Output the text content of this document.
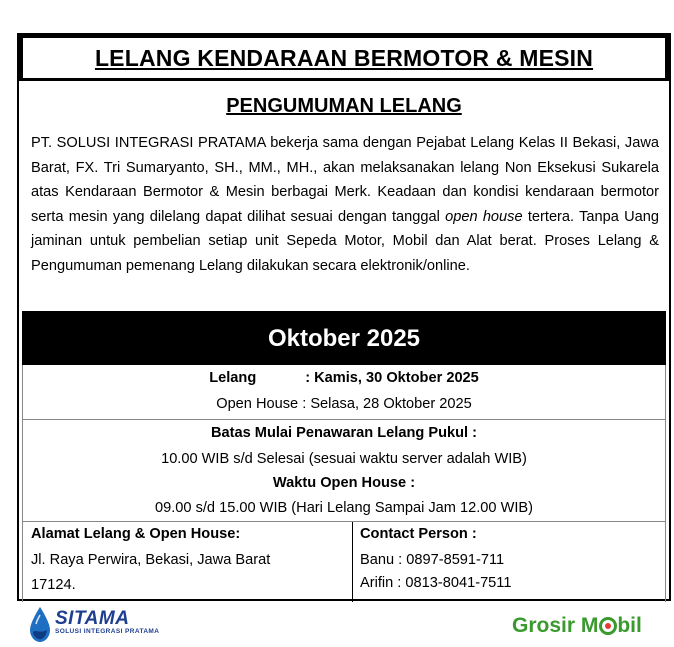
LELANG KENDARAAN BERMOTOR & MESIN
PENGUMUMAN LELANG

PT. SOLUSI INTEGRASI PRATAMA bekerja sama dengan Pejabat Lelang Kelas II Bekasi, Jawa Barat, FX. Tri Sumaryanto, SH., MM., MH., akan melaksanakan lelang Non Eksekusi Sukarela atas Kendaraan Bermotor & Mesin berbagai Merk. Keadaan dan kondisi kendaraan bermotor serta mesin yang dilelang dapat dilihat sesuai dengan tanggal open house tertera. Tanpa Uang jaminan untuk pembelian setiap unit Sepeda Motor, Mobil dan Alat berat. Proses Lelang & Pengumuman pemenang Lelang dilakukan secara elektronik/online.

Oktober 2025
Lelang	: Kamis, 30 Oktober 2025
Open House : Selasa, 28 Oktober 2025
Batas Mulai Penawaran Lelang Pukul :
10.00 WIB s/d Selesai (sesuai waktu server adalah WIB)
Waktu Open House :
09.00 s/d 15.00 WIB (Hari Lelang Sampai Jam 12.00 WIB)
Alamat Lelang & Open House:
Jl. Raya Perwira, Bekasi, Jawa Barat
17124.
Contact Person :
Banu : 0897-8591-711
Arifin : 0813-8041-7511
SITAMA
SOLUSI INTEGRASI PRATAMA	Grosir M bil
